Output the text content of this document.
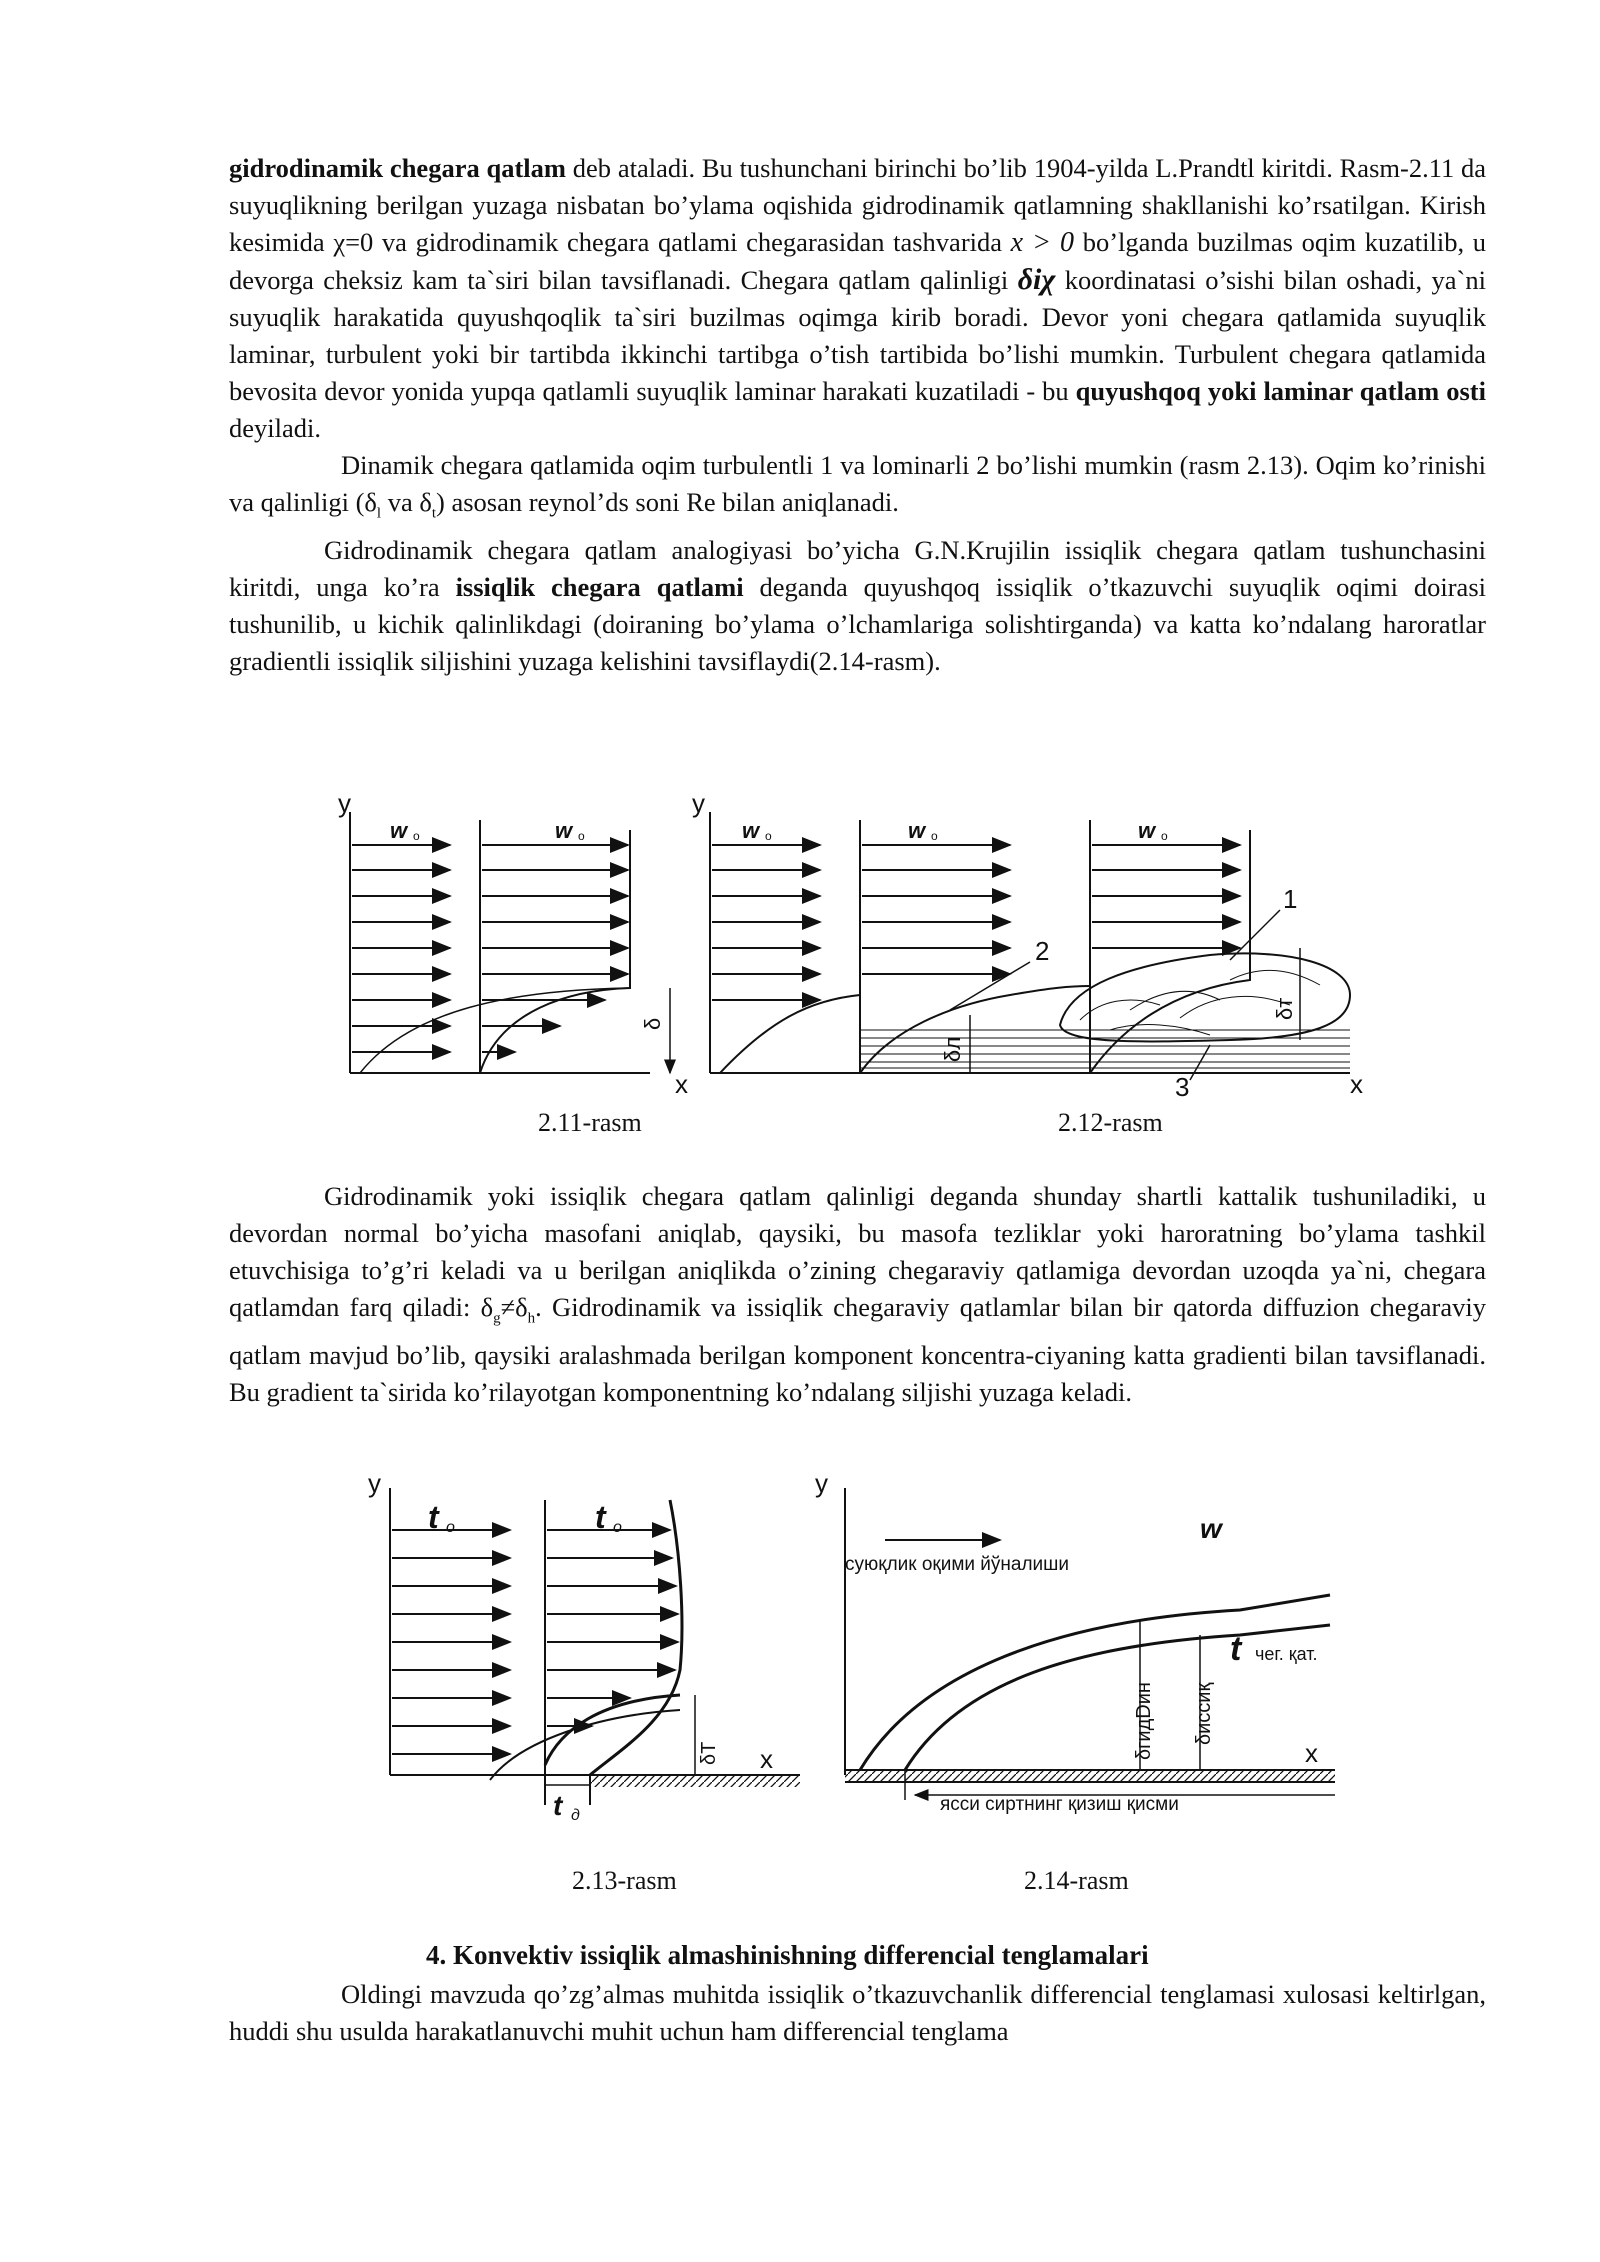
gidrodinamik chegara qatlam deb ataladi. Bu tushunchani birinchi bo’lib 1904-yilda L.Prandtl kiritdi. Rasm-2.11 da suyuqlikning berilgan yuzaga nisbatan bo’ylama oqishida gidrodinamik qatlamning shakllanishi ko’rsatilgan. Kirish kesimida χ=0 va gidrodinamik chegara qatlami chegarasidan tashvarida x > 0 bo’lganda buzilmas oqim kuzatilib, u devorga cheksiz kam ta`siri bilan tavsiflanadi. Chegara qatlam qalinligi δiχ koordinatasi o’sishi bilan oshadi, ya`ni suyuqlik harakatida quyushqoqlik ta`siri buzilmas oqimga kirib boradi. Devor yoni chegara qatlamida suyuqlik laminar, turbulent yoki bir tartibda ikkinchi tartibga o’tish tartibida bo’lishi mumkin. Turbulent chegara qatlamida bevosita devor yonida yupqa qatlamli suyuqlik laminar harakati kuzatiladi - bu quyushqoq yoki laminar qatlam osti deyiladi.

Dinamik chegara qatlamida oqim turbulentli 1 va lominarli 2 bo’lishi mumkin (rasm 2.13). Oqim ko’rinishi va qalinligi ($\delta_l$ va $\delta_t$) asosan reynol’ds soni Re bilan aniqlanadi.

Gidrodinamik chegara qatlam analogiyasi bo’yicha G.N.Krujilin issiqlik chegara qatlam tushunchasini kiritdi, unga ko’ra issiqlik chegara qatlami deganda quyushqoq issiqlik o’tkazuvchi suyuqlik oqimi doirasi tushunilib, u kichik qalinlikdagi (doiraning bo’ylama o’lchamlariga solishtirganda) va katta ko’ndalang haroratlar gradientli issiqlik siljishini yuzaga kelishini tavsiflaydi(2.14-rasm).

y	y
x	x
w	w	w	w	w
o	o	o	o	o
δ
δл
δт
1
2
3
2.11-rasm	2.12-rasm

Gidrodinamik yoki issiqlik chegara qatlam qalinligi deganda shunday shartli kattalik tushuniladiki, u devordan normal bo’yicha masofani aniqlab, qaysiki, bu masofa tezliklar yoki haroratning bo’ylama tashkil etuvchisiga to’g’ri keladi va u berilgan aniqlikda o’zining chegaraviy qatlamiga devordan uzoqda ya`ni, chegara qatlamdan farq qiladi: $\delta_g\ne\delta_h$. Gidrodinamik va issiqlik chegaraviy qatlamlar bilan bir qatorda diffuzion chegaraviy qatlam mavjud bo’lib, qaysiki aralashmada berilgan komponent koncentra-ciyaning katta gradienti bilan tavsiflanadi. Bu gradient ta`sirida ko’rilayotgan komponentning ko’ndalang siljishi yuzaga keladi.

y	y
x	x
t	t
t
t
w
o	o
д
чег. қат.
δТ	δгидDин δиссиқ
суюқлик оқими йўналиши
ясси сиртнинг қизиш қисми
2.13-rasm	2.14-rasm
4. Konvektiv issiqlik almashinishning differencial tenglamalari

Oldingi mavzuda qo’zg’almas muhitda issiqlik o’tkazuvchanlik differencial tenglamasi xulosasi keltirlgan, huddi shu usulda harakatlanuvchi muhit uchun ham differencial tenglama
